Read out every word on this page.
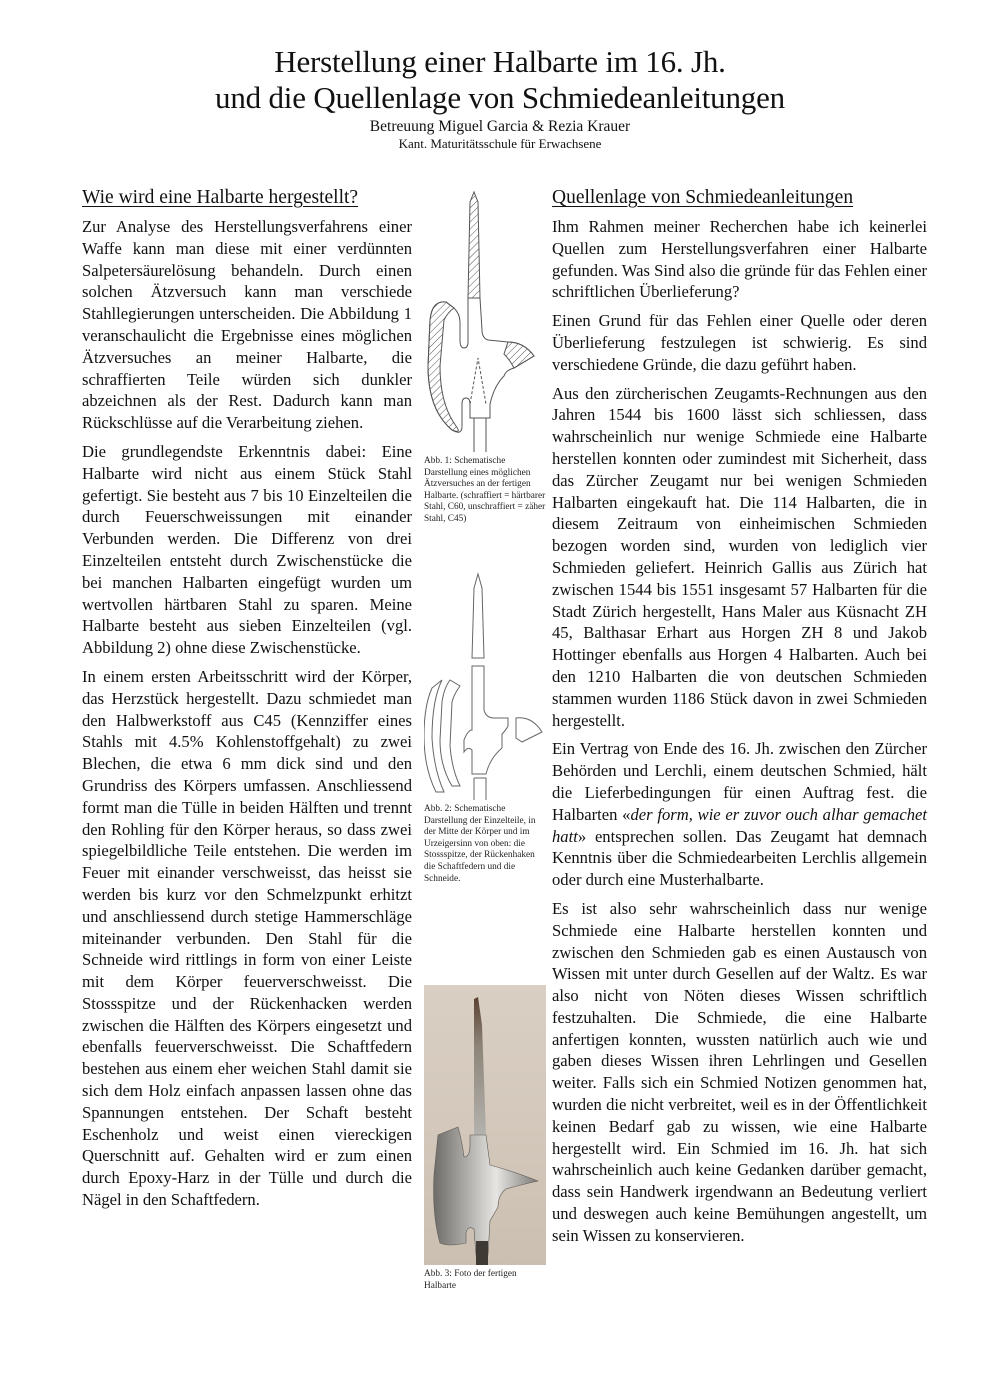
Herstellung einer Halbarte im 16. Jh.
und die Quellenlage von Schmiedeanleitungen
Betreuung Miguel Garcia & Rezia Krauer
Kant. Maturitätsschule für Erwachsene
Wie wird eine Halbarte hergestellt?

Zur Analyse des Herstellungsverfahrens einer Waffe kann man diese mit einer verdünnten Salpetersäurelösung behandeln. Durch einen solchen Ätzversuch kann man verschiede Stahllegierungen unterscheiden. Die Abbildung 1 veranschaulicht die Ergebnisse eines möglichen Ätzversuches an meiner Halbarte, die schraffierten Teile würden sich dunkler abzeichnen als der Rest. Dadurch kann man Rückschlüsse auf die Verarbeitung ziehen.

Die grundlegendste Erkenntnis dabei: Eine Halbarte wird nicht aus einem Stück Stahl gefertigt. Sie besteht aus 7 bis 10 Einzelteilen die durch Feuerschweissungen mit einander Verbunden werden. Die Differenz von drei Einzelteilen entsteht durch Zwischenstücke die bei manchen Halbarten eingefügt wurden um wertvollen härtbaren Stahl zu sparen. Meine Halbarte besteht aus sieben Einzelteilen (vgl. Abbildung 2) ohne diese Zwischenstücke.

In einem ersten Arbeitsschritt wird der Körper, das Herzstück hergestellt. Dazu schmiedet man den Halbwerkstoff aus C45 (Kennziffer eines Stahls mit 4.5% Kohlenstoffgehalt) zu zwei Blechen, die etwa 6 mm dick sind und den Grundriss des Körpers umfassen. Anschliessend formt man die Tülle in beiden Hälften und trennt den Rohling für den Körper heraus, so dass zwei spiegelbildliche Teile entstehen. Die werden im Feuer mit einander verschweisst, das heisst sie werden bis kurz vor den Schmelzpunkt erhitzt und anschliessend durch stetige Hammerschläge miteinander verbunden. Den Stahl für die Schneide wird rittlings in form von einer Leiste mit dem Körper feuerverschweisst. Die Stossspitze und der Rückenhacken werden zwischen die Hälften des Körpers eingesetzt und ebenfalls feuerverschweisst. Die Schaftfedern bestehen aus einem eher weichen Stahl damit sie sich dem Holz einfach anpassen lassen ohne das Spannungen entstehen. Der Schaft besteht Eschenholz und weist einen viereckigen Querschnitt auf. Gehalten wird er zum einen durch Epoxy-Harz in der Tülle und durch die Nägel in den Schaftfedern.

Abb. 1: Schematische Darstellung eines möglichen Ätzversuches an der fertigen Halbarte. (schraffiert = härtbarer Stahl, C60, unschraffiert = zäher Stahl, C45)
Abb. 2: Schematische Darstellung der Einzelteile, in der Mitte der Körper und im Urzeigersinn von oben: die Stossspitze, der Rückenhaken die Schaftfedern und die Schneide.
Abb. 3: Foto der fertigen Halbarte
Quellenlage von Schmiedeanleitungen

Ihm Rahmen meiner Recherchen habe ich keinerlei Quellen zum Herstellungsverfahren einer Halbarte gefunden. Was Sind also die gründe für das Fehlen einer schriftlichen Überlieferung?

Einen Grund für das Fehlen einer Quelle oder deren Überlieferung festzulegen ist schwierig. Es sind verschiedene Gründe, die dazu geführt haben.

Aus den zürcherischen Zeugamts-Rechnungen aus den Jahren 1544 bis 1600 lässt sich schliessen, dass wahrscheinlich nur wenige Schmiede eine Halbarte herstellen konnten oder zumindest mit Sicherheit, dass das Zürcher Zeugamt nur bei wenigen Schmieden Halbarten eingekauft hat. Die 114 Halbarten, die in diesem Zeitraum von einheimischen Schmieden bezogen worden sind, wurden von lediglich vier Schmieden geliefert. Heinrich Gallis aus Zürich hat zwischen 1544 bis 1551 insgesamt 57 Halbarten für die Stadt Zürich hergestellt, Hans Maler aus Küsnacht ZH 45, Balthasar Erhart aus Horgen ZH 8 und Jakob Hottinger ebenfalls aus Horgen 4 Halbarten. Auch bei den 1210 Halbarten die von deutschen Schmieden stammen wurden 1186 Stück davon in zwei Schmieden hergestellt.

Ein Vertrag von Ende des 16. Jh. zwischen den Zürcher Behörden und Lerchli, einem deutschen Schmied, hält die Lieferbedingungen für einen Auftrag fest. die Halbarten «der form, wie er zuvor ouch alhar gemachet hatt» entsprechen sollen. Das Zeugamt hat demnach Kenntnis über die Schmiedearbeiten Lerchlis allgemein oder durch eine Musterhalbarte.

Es ist also sehr wahrscheinlich dass nur wenige Schmiede eine Halbarte herstellen konnten und zwischen den Schmieden gab es einen Austausch von Wissen mit unter durch Gesellen auf der Waltz. Es war also nicht von Nöten dieses Wissen schriftlich festzuhalten. Die Schmiede, die eine Halbarte anfertigen konnten, wussten natürlich auch wie und gaben dieses Wissen ihren Lehrlingen und Gesellen weiter. Falls sich ein Schmied Notizen genommen hat, wurden die nicht verbreitet, weil es in der Öffentlichkeit keinen Bedarf gab zu wissen, wie eine Halbarte hergestellt wird. Ein Schmied im 16. Jh. hat sich wahrscheinlich auch keine Gedanken darüber gemacht, dass sein Handwerk irgendwann an Bedeutung verliert und deswegen auch keine Bemühungen angestellt, um sein Wissen zu konservieren.
